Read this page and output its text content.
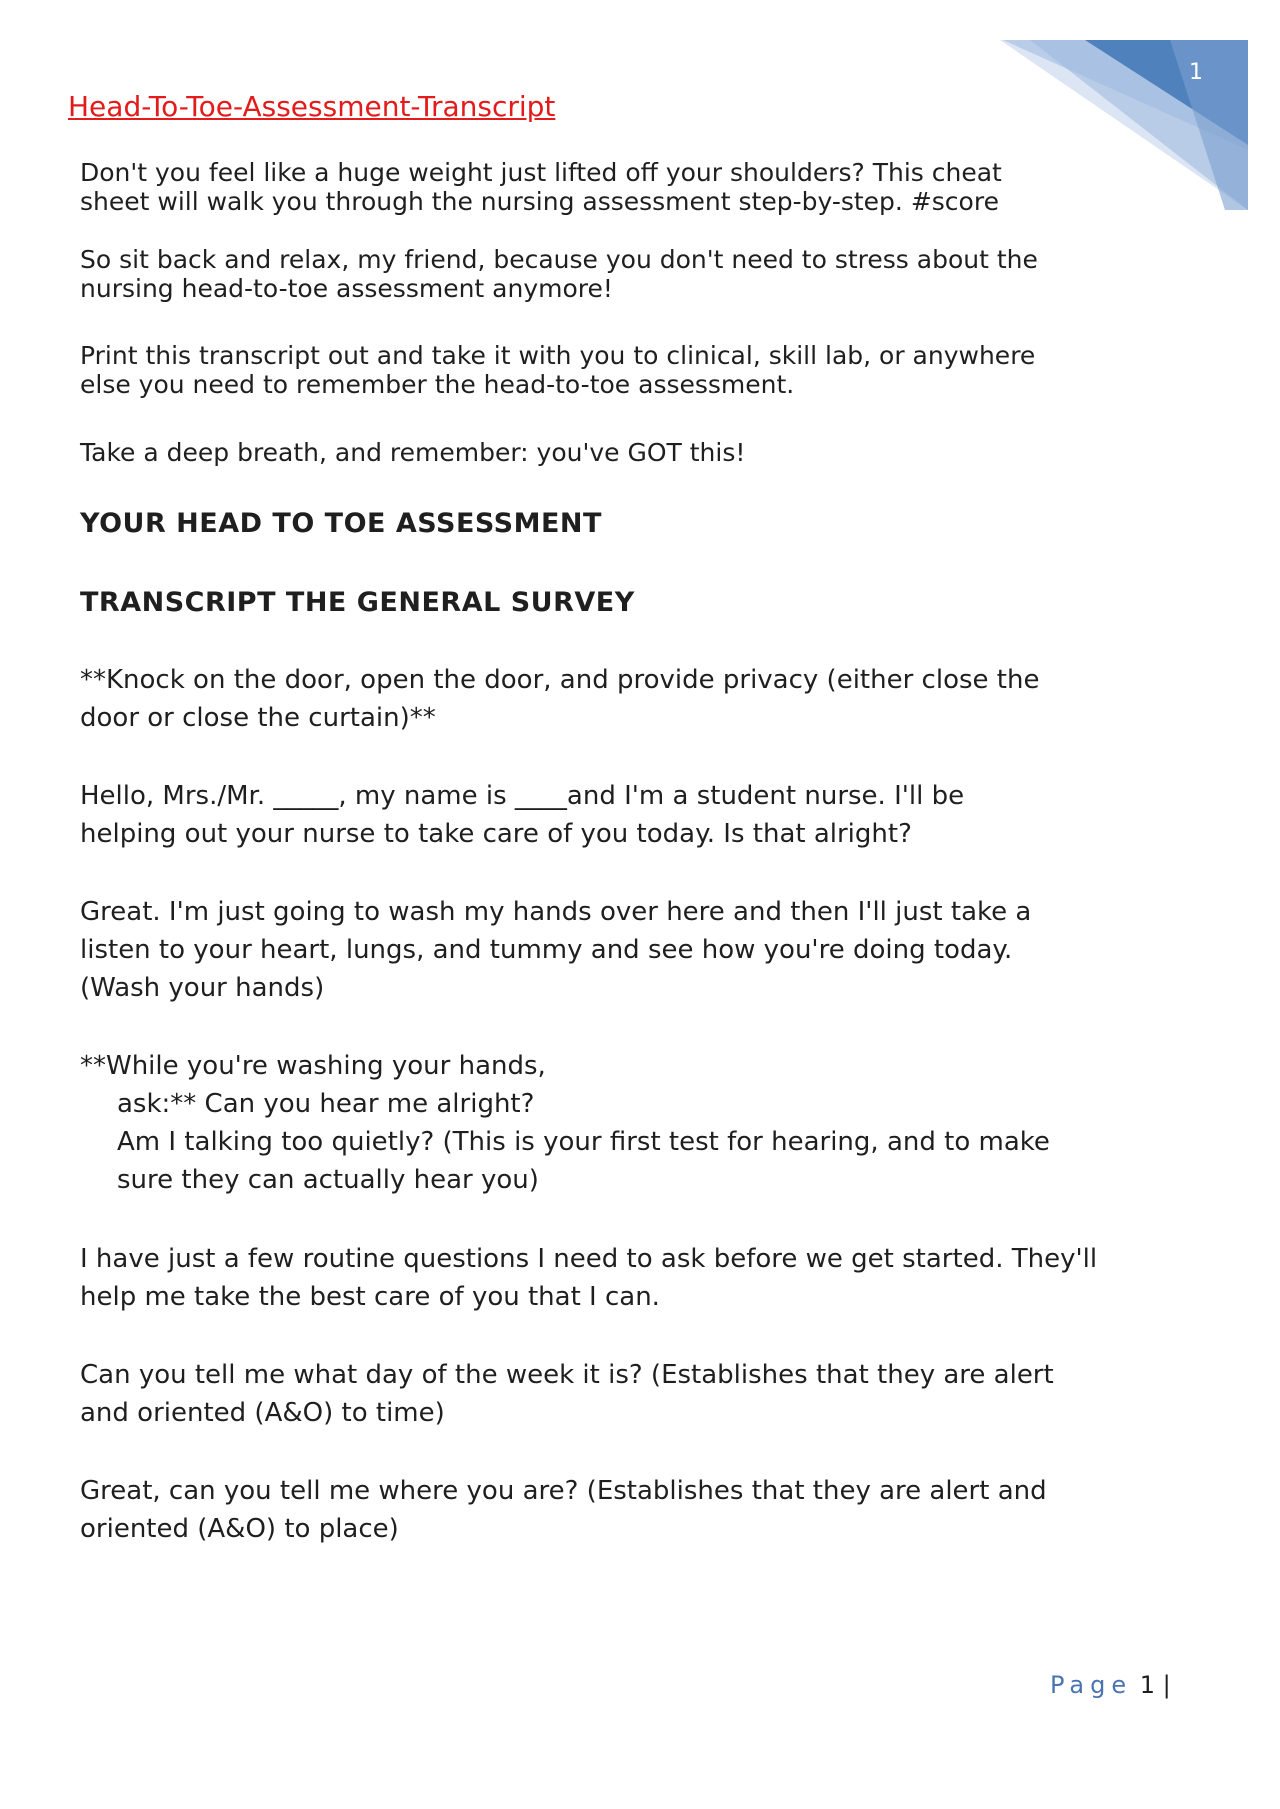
1
Head-To-Toe-Assessment-Transcript
Don't you feel like a huge weight just lifted off your shoulders? This cheat
sheet will walk you through the nursing assessment step-by-step. #score
So sit back and relax, my friend, because you don't need to stress about the
nursing head-to-toe assessment anymore!
Print this transcript out and take it with you to clinical, skill lab, or anywhere
else you need to remember the head-to-toe assessment.
Take a deep breath, and remember: you've GOT this!
YOUR HEAD TO TOE ASSESSMENT
TRANSCRIPT THE GENERAL SURVEY
**Knock on the door, open the door, and provide privacy (either close the
door or close the curtain)**
Hello, Mrs./Mr. _____, my name is ____and I'm a student nurse. I'll be
helping out your nurse to take care of you today. Is that alright?
Great. I'm just going to wash my hands over here and then I'll just take a
listen to your heart, lungs, and tummy and see how you're doing today.
(Wash your hands)
**While you're washing your hands,
ask:** Can you hear me alright?
Am I talking too quietly? (This is your first test for hearing, and to make
sure they can actually hear you)
I have just a few routine questions I need to ask before we get started. They'll
help me take the best care of you that I can.
Can you tell me what day of the week it is? (Establishes that they are alert
and oriented (A&O) to time)
Great, can you tell me where you are? (Establishes that they are alert and
oriented (A&O) to place)
Page 1 |
